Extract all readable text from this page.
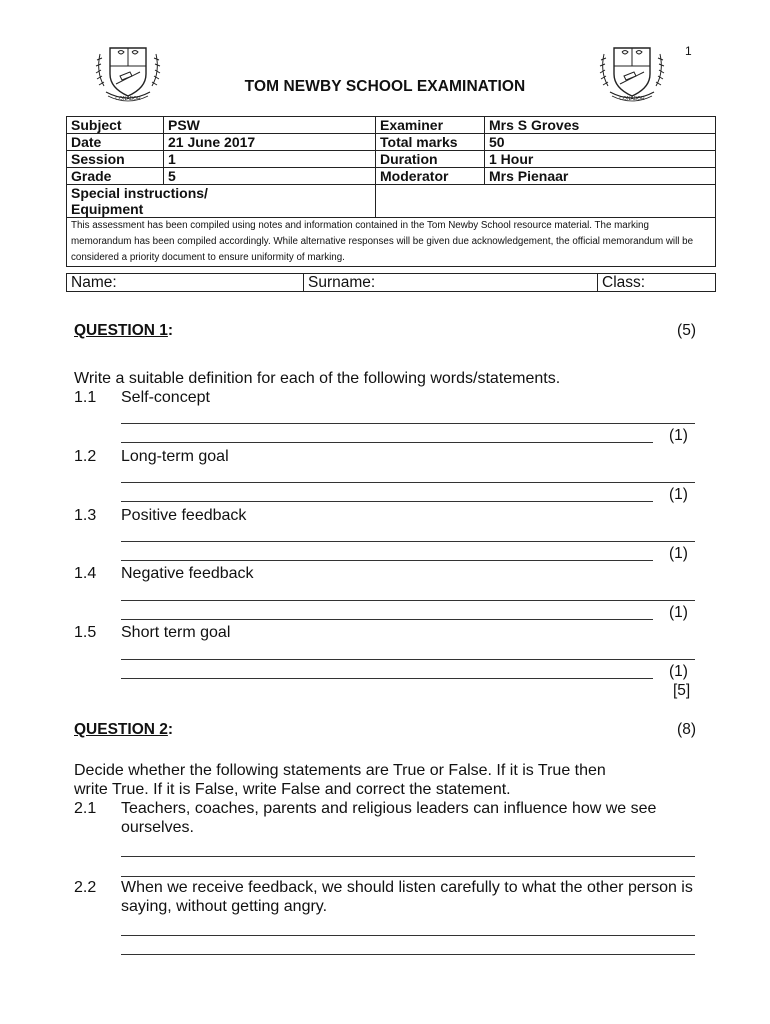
1
CONABOR	CONABOR
TOM NEWBY SCHOOL EXAMINATION
Subject	PSW	Examiner	Mrs S Groves
Date	21 June 2017	Total marks	50
Session	1	Duration	1 Hour
Grade	5	Moderator	Mrs Pienaar

Special instructions/
Equipment			

This assessment has been compiled using notes and information contained in the Tom Newby School resource material. The marking memorandum has been compiled accordingly. While alternative responses will be given due acknowledgement, the official memorandum will be considered a priority document to ensure uniformity of marking.			
Name:	Surname:	Class:
QUESTION 1:	(5)
Write a suitable definition for each of the following words/statements.
1.1 Self-concept
(1)
1.2 Long-term goal
(1)
1.3 Positive feedback
(1)
1.4 Negative feedback
(1)
1.5 Short term goal
(1)
[5]
QUESTION 2:	(8)
Decide whether the following statements are True or False. If it is True then
write True. If it is False, write False and correct the statement.
2.1 Teachers, coaches, parents and religious leaders can influence how we see ourselves.
2.2 When we receive feedback, we should listen carefully to what the other person is saying, without getting angry.
